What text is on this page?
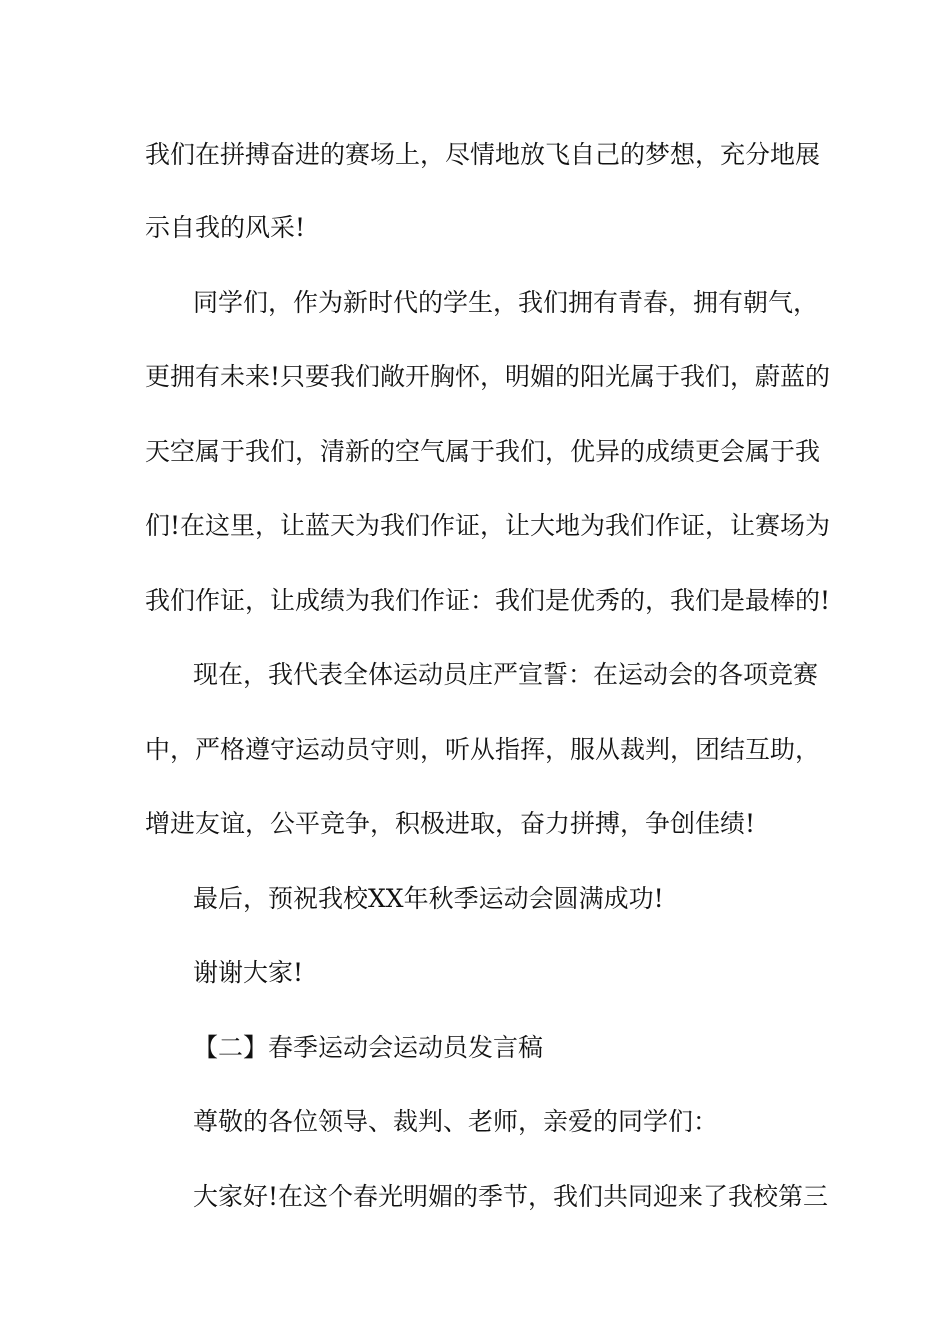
我们在拼搏奋进的赛场上，尽情地放飞自己的梦想，充分地展
示自我的风采!
同学们，作为新时代的学生，我们拥有青春，拥有朝气，
更拥有未来!只要我们敞开胸怀，明媚的阳光属于我们，蔚蓝的
天空属于我们，清新的空气属于我们，优异的成绩更会属于我
们!在这里，让蓝天为我们作证，让大地为我们作证，让赛场为
我们作证，让成绩为我们作证：我们是优秀的，我们是最棒的!
现在，我代表全体运动员庄严宣誓：在运动会的各项竞赛
中，严格遵守运动员守则，听从指挥，服从裁判，团结互助，
增进友谊，公平竞争，积极进取，奋力拼搏，争创佳绩!
最后，预祝我校XX年秋季运动会圆满成功!
谢谢大家!
【二】春季运动会运动员发言稿
尊敬的各位领导、裁判、老师，亲爱的同学们：
大家好!在这个春光明媚的季节，我们共同迎来了我校第三
